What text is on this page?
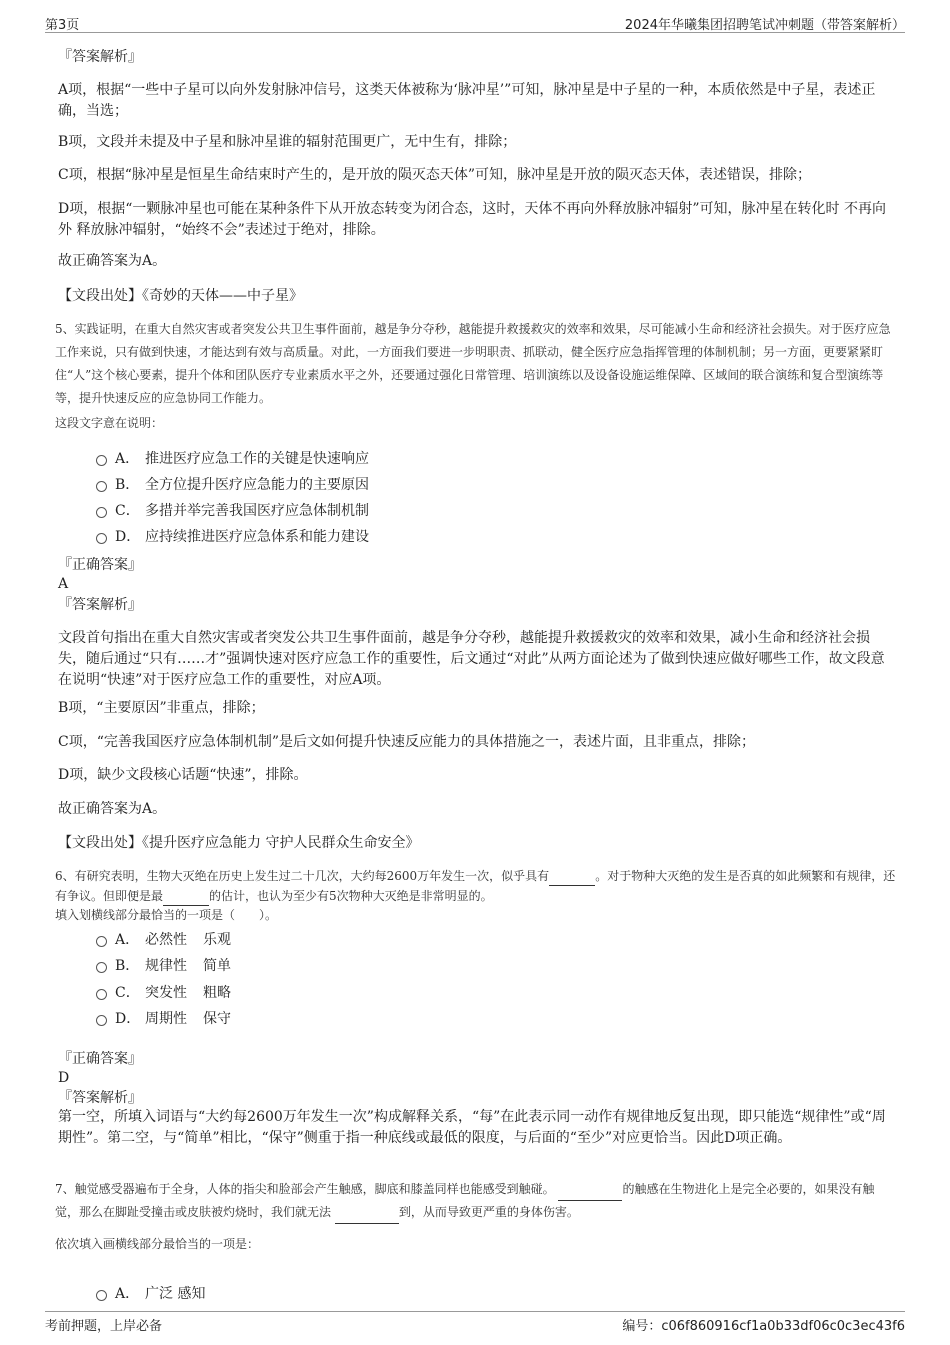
第3页	2024年华曦集团招聘笔试冲刺题（带答案解析）
『答案解析』

A项，根据“一些中子星可以向外发射脉冲信号，这类天体被称为‘脉冲星’”可知，脉冲星是中子星的一种，本质依然是中子星，表述正确，当选；

B项，文段并未提及中子星和脉冲星谁的辐射范围更广，无中生有，排除；

C项，根据“脉冲星是恒星生命结束时产生的，是开放的陨灭态天体”可知，脉冲星是开放的陨灭态天体，表述错误，排除；

D项，根据“一颗脉冲星也可能在某种条件下从开放态转变为闭合态，这时，天体不再向外释放脉冲辐射”可知，脉冲星在转化时 不再向外 释放脉冲辐射，“始终不会”表述过于绝对，排除。

故正确答案为A。

【文段出处】《奇妙的天体——中子星》

5、实践证明，在重大自然灾害或者突发公共卫生事件面前，越是争分夺秒，越能提升救援救灾的效率和效果，尽可能减小生命和经济社会损失。对于医疗应急工作来说，只有做到快速，才能达到有效与高质量。对此，一方面我们要进一步明职责、抓联动，健全医疗应急指挥管理的体制机制；另一方面，更要紧紧盯住“人”这个核心要素，提升个体和团队医疗专业素质水平之外，还要通过强化日常管理、培训演练以及设备设施运维保障、区域间的联合演练和复合型演练等等，提升快速反应的应急协同工作能力。

这段文字意在说明：

A． 推进医疗应急工作的关键是快速响应
B． 全方位提升医疗应急能力的主要原因
C． 多措并举完善我国医疗应急体制机制
D． 应持续推进医疗应急体系和能力建设
『正确答案』
A
『答案解析』

文段首句指出在重大自然灾害或者突发公共卫生事件面前，越是争分夺秒，越能提升救援救灾的效率和效果，减小生命和经济社会损失，随后通过“只有……才”强调快速对医疗应急工作的重要性，后文通过“对此”从两方面论述为了做到快速应做好哪些工作，故文段意在说明“快速”对于医疗应急工作的重要性，对应A项。

B项，“主要原因”非重点，排除；

C项，“完善我国医疗应急体制机制”是后文如何提升快速反应能力的具体措施之一，表述片面，且非重点，排除；

D项，缺少文段核心话题“快速”，排除。

故正确答案为A。

【文段出处】《提升医疗应急能力 守护人民群众生命安全》

6、有研究表明，生物大灭绝在历史上发生过二十几次，大约每2600万年发生一次，似乎具有	。对于物种大灭绝的发生是否真的如此频繁和有规律，还有争议。但即便是最	的估计，也认为至少有5次物种大灭绝是非常明显的。

填入划横线部分最恰当的一项是（　　）。

A． 必然性 乐观
B． 规律性 简单
C． 突发性 粗略
D． 周期性 保守
『正确答案』
D
『答案解析』

第一空，所填入词语与“大约每2600万年发生一次”构成解释关系，“每”在此表示同一动作有规律地反复出现，即只能选“规律性”或“周期性”。第二空，与“简单”相比，“保守”侧重于指一种底线或最低的限度，与后面的“至少”对应更恰当。因此D项正确。

7、触觉感受器遍布于全身，人体的指尖和脸部会产生触感，脚底和膝盖同样也能感受到触碰。	的触感在生物进化上是完全必要的，如果没有触觉，那么在脚趾受撞击或皮肤被灼烧时，我们就无法	到，从而导致更严重的身体伤害。

依次填入画横线部分最恰当的一项是：

A． 广泛 感知
考前押题，上岸必备	编号：c06f860916cf1a0b33df06c0c3ec43f6
